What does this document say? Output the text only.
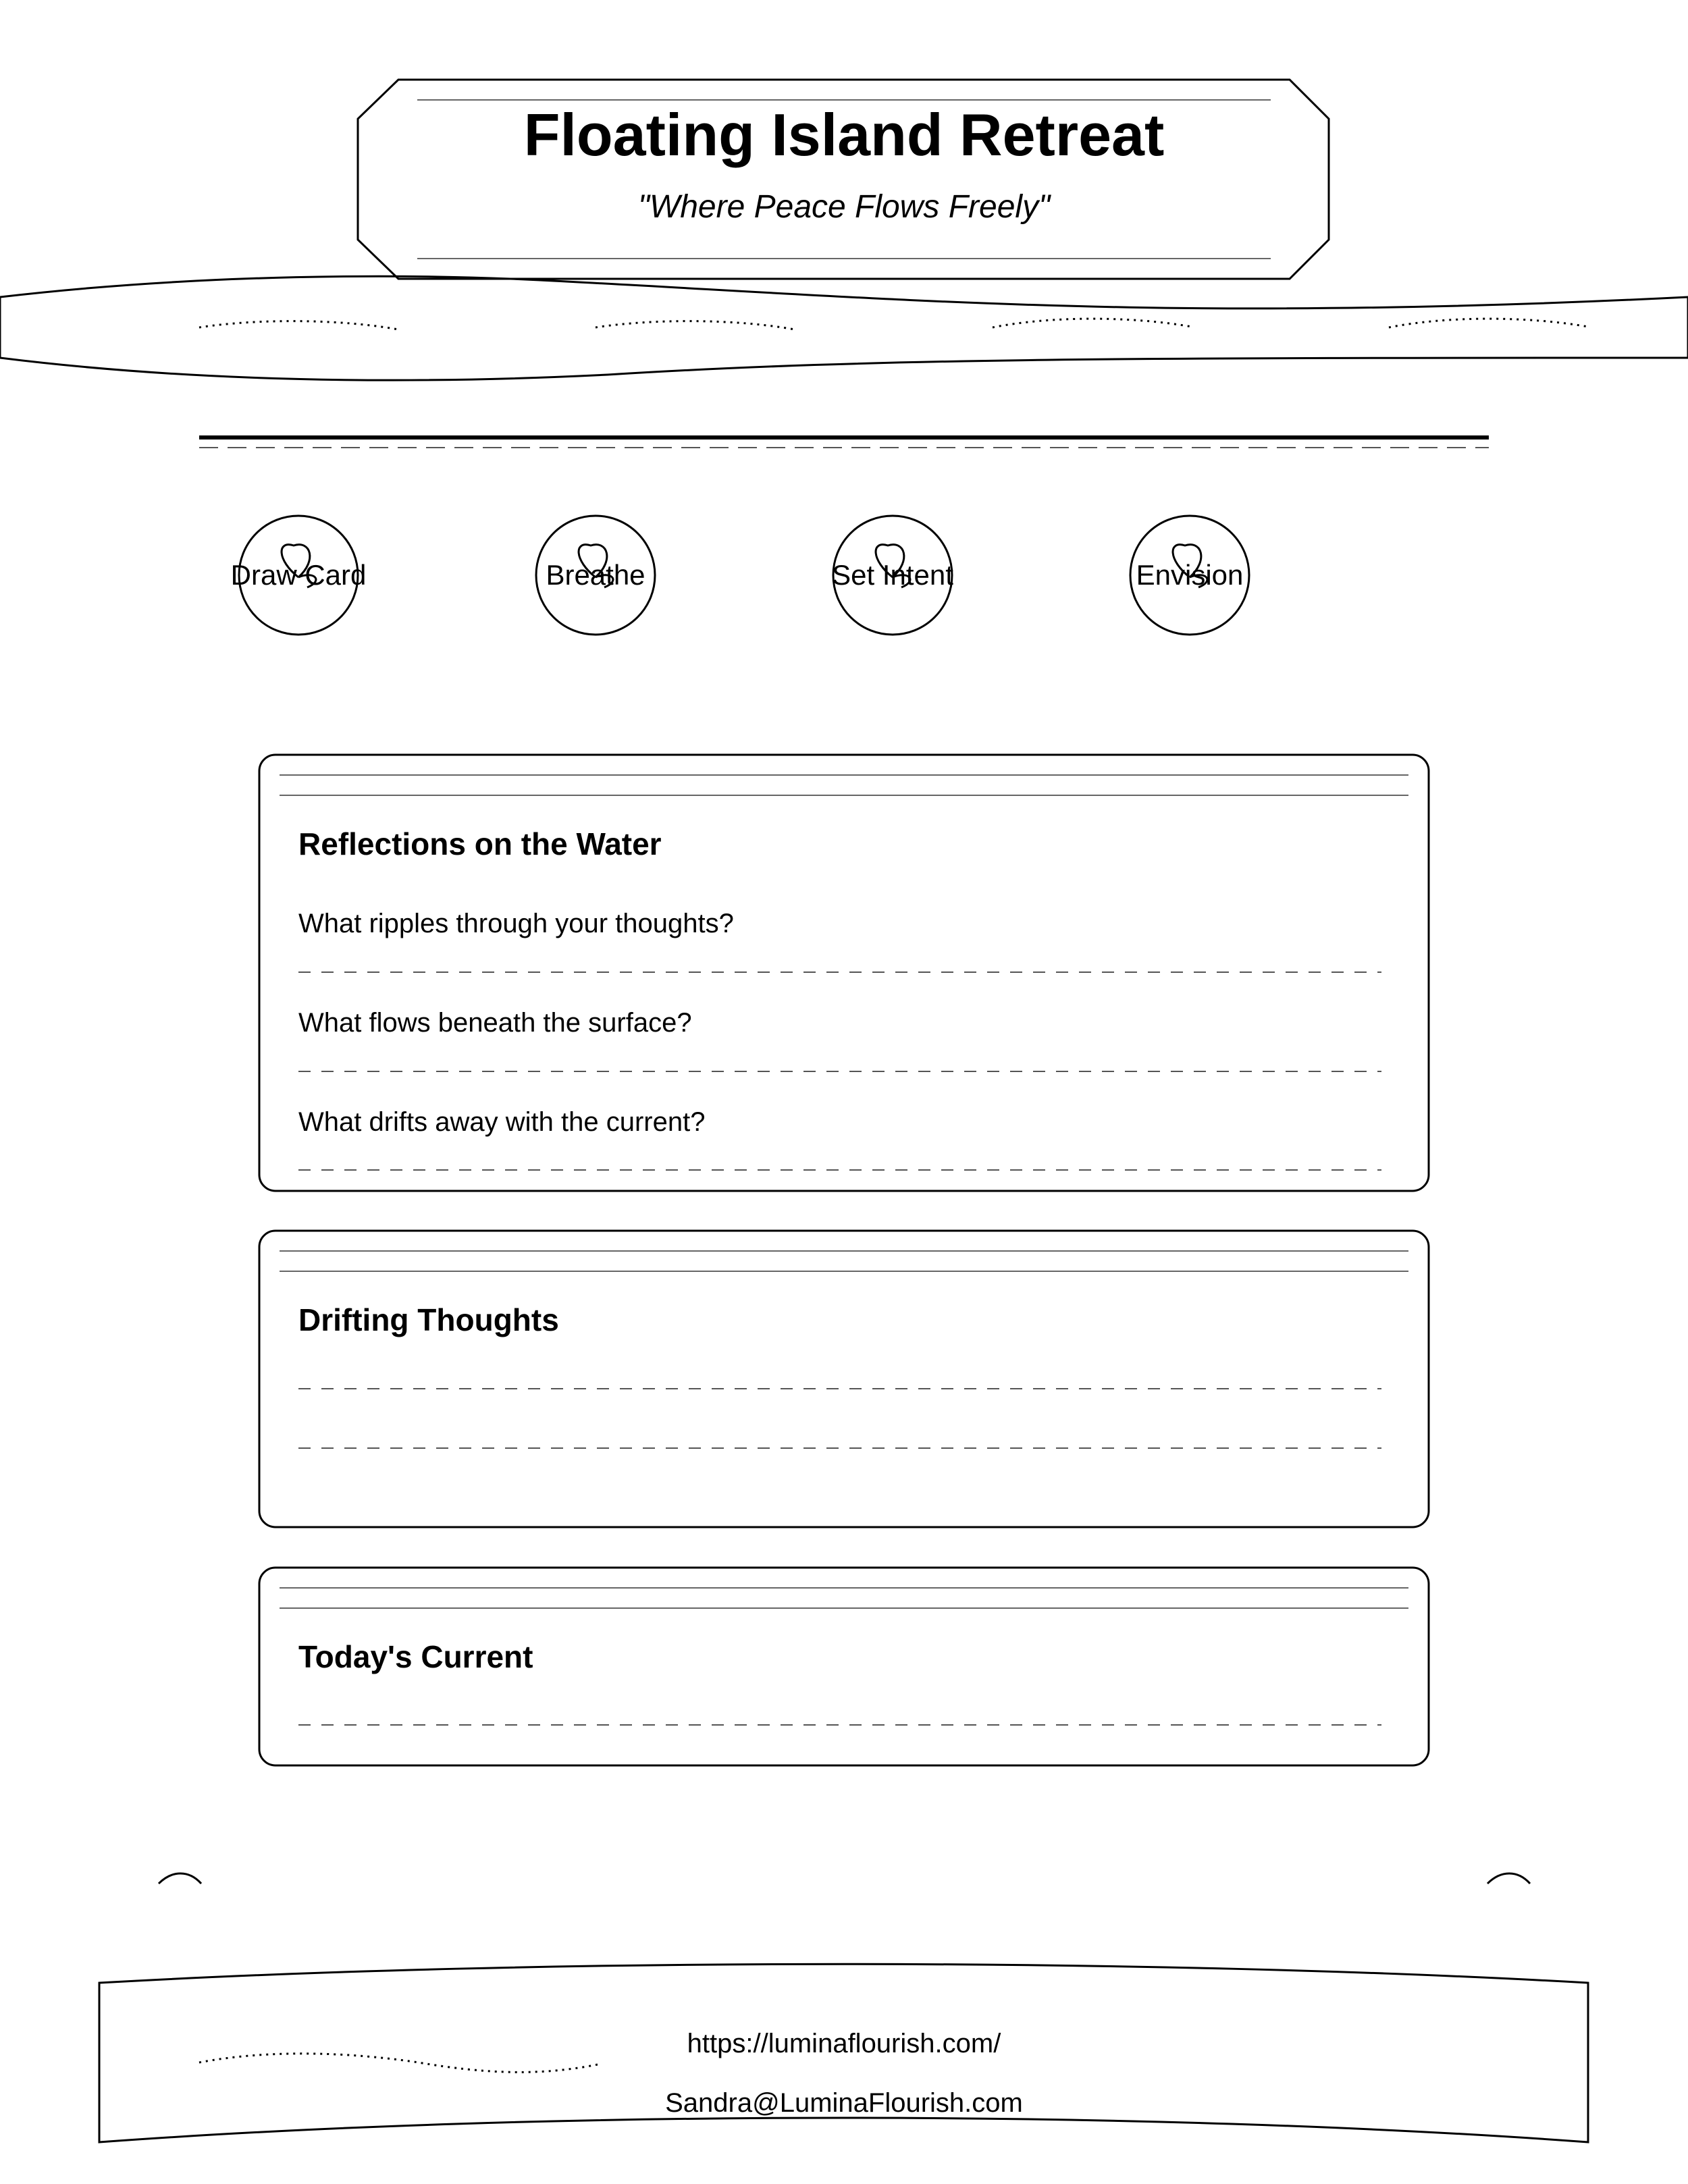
Floating Island Retreat
"Where Peace Flows Freely"
Draw Card	Breathe	Set Intent	Envision
Reflections on the Water
What ripples through your thoughts?
What flows beneath the surface?
What drifts away with the current?
Drifting Thoughts
Today's Current
https://luminaflourish.com/
Sandra@LuminaFlourish.com
